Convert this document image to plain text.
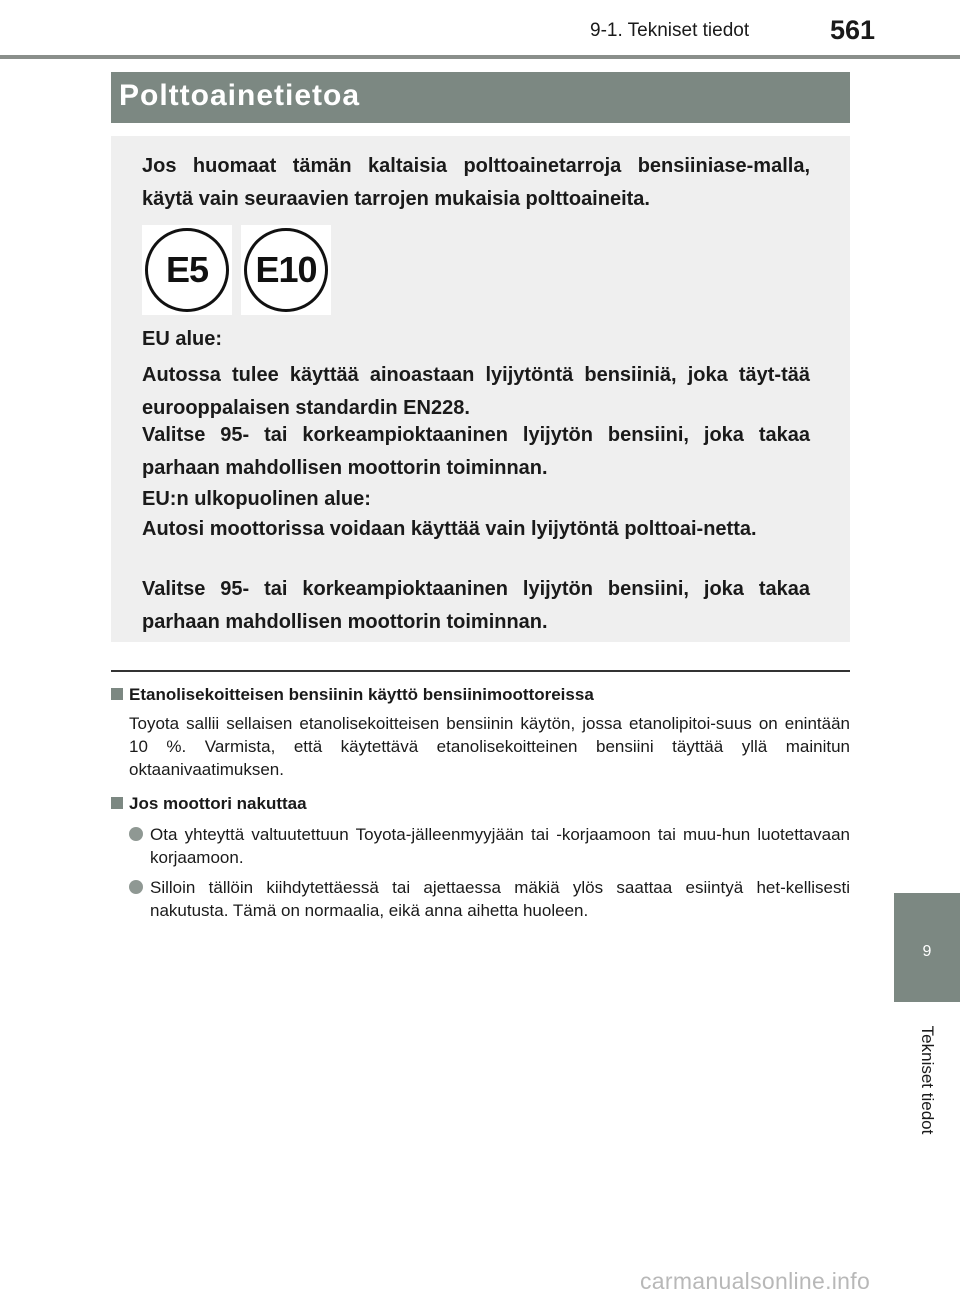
9-1. Tekniset tiedot	561
Polttoainetietoa
Jos huomaat tämän kaltaisia polttoainetarroja bensiiniase-malla, käytä vain seuraavien tarrojen mukaisia polttoaineita.
E5	E10
EU alue:
Autossa tulee käyttää ainoastaan lyijytöntä bensiiniä, joka täyt-tää eurooppalaisen standardin EN228.
Valitse 95- tai korkeampioktaaninen lyijytön bensiini, joka takaa parhaan mahdollisen moottorin toiminnan.
EU:n ulkopuolinen alue:
Autosi moottorissa voidaan käyttää vain lyijytöntä polttoai-netta.
Valitse 95- tai korkeampioktaaninen lyijytön bensiini, joka takaa parhaan mahdollisen moottorin toiminnan.
Etanolisekoitteisen bensiinin käyttö bensiinimoottoreissa
Toyota sallii sellaisen etanolisekoitteisen bensiinin käytön, jossa etanolipitoi-suus on enintään 10 %. Varmista, että käytettävä etanolisekoitteinen bensiini täyttää yllä mainitun oktaanivaatimuksen.
Jos moottori nakuttaa
Ota yhteyttä valtuutettuun Toyota-jälleenmyyjään tai -korjaamoon tai muu-hun luotettavaan korjaamoon.
Silloin tällöin kiihdytettäessä tai ajettaessa mäkiä ylös saattaa esiintyä het-kellisesti nakutusta. Tämä on normaalia, eikä anna aihetta huoleen.
9
Tekniset tiedot
carmanualsonline.info
